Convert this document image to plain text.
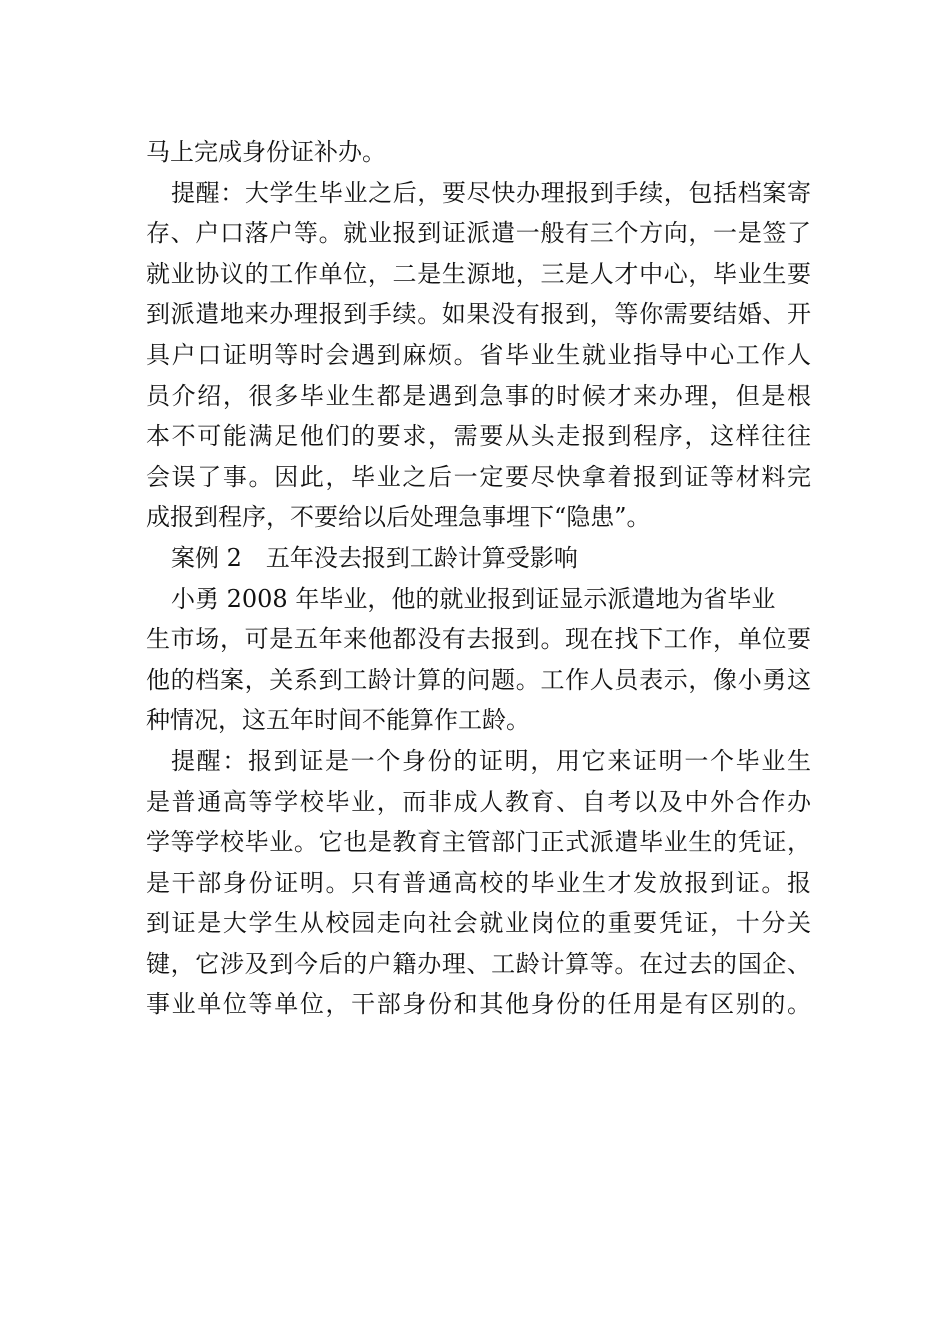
马上完成身份证补办。
提醒：大学生毕业之后，要尽快办理报到手续，包括档案寄
存、户口落户等。就业报到证派遣一般有三个方向，一是签了
就业协议的工作单位，二是生源地，三是人才中心，毕业生要
到派遣地来办理报到手续。如果没有报到，等你需要结婚、开
具户口证明等时会遇到麻烦。省毕业生就业指导中心工作人
员介绍，很多毕业生都是遇到急事的时候才来办理，但是根
本不可能满足他们的要求，需要从头走报到程序，这样往往
会误了事。因此，毕业之后一定要尽快拿着报到证等材料完
成报到程序，不要给以后处理急事埋下“隐患”。
案例 2　五年没去报到工龄计算受影响
小勇 2008 年毕业，他的就业报到证显示派遣地为省毕业
生市场，可是五年来他都没有去报到。现在找下工作，单位要
他的档案，关系到工龄计算的问题。工作人员表示，像小勇这
种情况，这五年时间不能算作工龄。
提醒：报到证是一个身份的证明，用它来证明一个毕业生
是普通高等学校毕业，而非成人教育、自考以及中外合作办
学等学校毕业。它也是教育主管部门正式派遣毕业生的凭证，
是干部身份证明。只有普通高校的毕业生才发放报到证。报
到证是大学生从校园走向社会就业岗位的重要凭证，十分关
键，它涉及到今后的户籍办理、工龄计算等。在过去的国企、
事业单位等单位，干部身份和其他身份的任用是有区别的。
